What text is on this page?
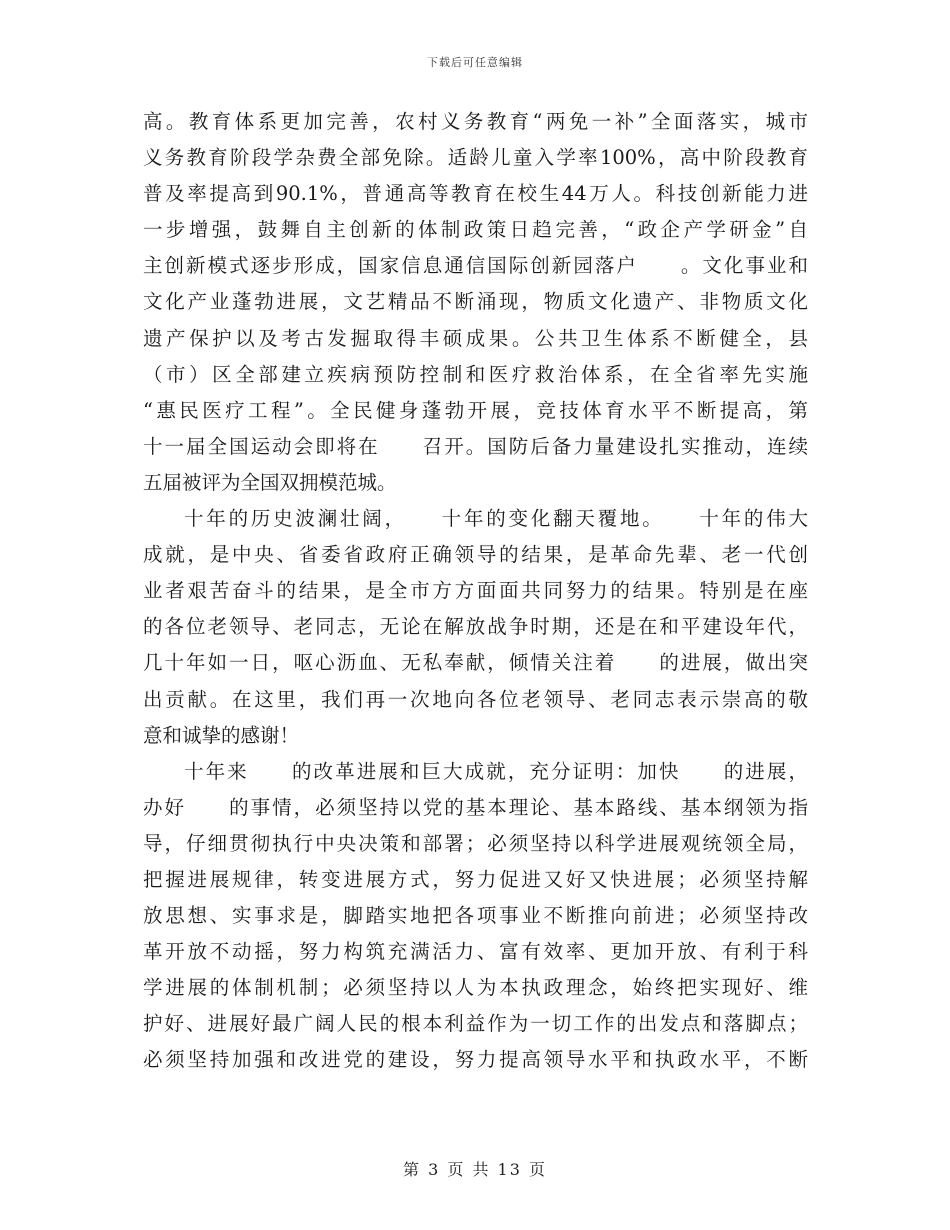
下载后可任意编辑
高。教育体系更加完善，农村义务教育“两免一补”全面落实，城市
义务教育阶段学杂费全部免除。适龄儿童入学率100%，高中阶段教育
普及率提高到90.1%，普通高等教育在校生44万人。科技创新能力进
一步增强，鼓舞自主创新的体制政策日趋完善，“政企产学研金”自
主创新模式逐步形成，国家信息通信国际创新园落户　　。文化事业和
文化产业蓬勃进展，文艺精品不断涌现，物质文化遗产、非物质文化
遗产保护以及考古发掘取得丰硕成果。公共卫生体系不断健全，县
（市）区全部建立疾病预防控制和医疗救治体系，在全省率先实施
“惠民医疗工程”。全民健身蓬勃开展，竞技体育水平不断提高，第
十一届全国运动会即将在　　召开。国防后备力量建设扎实推动，连续
五届被评为全国双拥模范城。
十年的历史波澜壮阔，　　十年的变化翻天覆地。　　十年的伟大
成就，是中央、省委省政府正确领导的结果，是革命先辈、老一代创
业者艰苦奋斗的结果，是全市方方面面共同努力的结果。特别是在座
的各位老领导、老同志，无论在解放战争时期，还是在和平建设年代，
几十年如一日，呕心沥血、无私奉献，倾情关注着　　的进展，做出突
出贡献。在这里，我们再一次地向各位老领导、老同志表示崇高的敬
意和诚挚的感谢！
十年来　　的改革进展和巨大成就，充分证明：加快　　的进展，
办好　　的事情，必须坚持以党的基本理论、基本路线、基本纲领为指
导，仔细贯彻执行中央决策和部署；必须坚持以科学进展观统领全局，
把握进展规律，转变进展方式，努力促进又好又快进展；必须坚持解
放思想、实事求是，脚踏实地把各项事业不断推向前进；必须坚持改
革开放不动摇，努力构筑充满活力、富有效率、更加开放、有利于科
学进展的体制机制；必须坚持以人为本执政理念，始终把实现好、维
护好、进展好最广阔人民的根本利益作为一切工作的出发点和落脚点；
必须坚持加强和改进党的建设，努力提高领导水平和执政水平，不断
第 3 页 共 13 页
